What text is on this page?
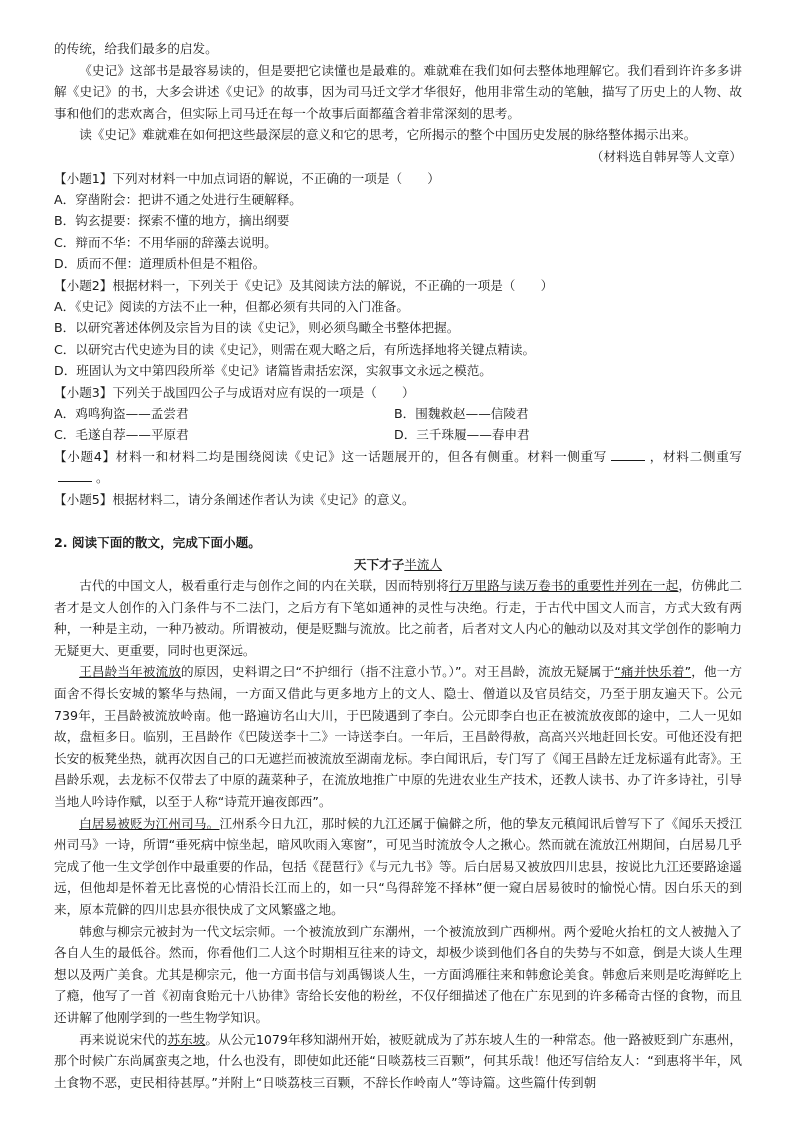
的传统，给我们最多的启发。

《史记》这部书是最容易读的，但是要把它读懂也是最难的。难就难在我们如何去整体地理解它。我们看到许许多多讲解《史记》的书，大多会讲述《史记》的故事，因为司马迁文学才华很好，他用非常生动的笔触，描写了历史上的人物、故事和他们的悲欢离合，但实际上司马迁在每一个故事后面都蕴含着非常深刻的思考。

读《史记》难就难在如何把这些最深层的意义和它的思考，它所揭示的整个中国历史发展的脉络整体揭示出来。

（材料选自韩昇等人文章）

【小题1】下列对材料一中加点词语的解说，不正确的一项是（　　）

A．穿凿附会：把讲不通之处进行生硬解释。

B．钩玄提要：探索不懂的地方，摘出纲要

C．辩而不华：不用华丽的辞藻去说明。

D．质而不俚：道理质朴但是不粗俗。

【小题2】根据材料一，下列关于《史记》及其阅读方法的解说，不正确的一项是（　　）

A．《史记》阅读的方法不止一种，但都必须有共同的入门准备。

B．以研究著述体例及宗旨为目的读《史记》，则必须鸟瞰全书整体把握。

C．以研究古代史迹为目的读《史记》，则需在观大略之后，有所选择地将关键点精读。

D．班固认为文中第四段所举《史记》诸篇皆肃括宏深，实叙事文永远之模范。

【小题3】下列关于战国四公子与成语对应有误的一项是（　　）

A．鸡鸣狗盗——孟尝君	B．围魏救赵——信陵君
C．毛遂自荐——平原君	D．三千珠履——春申君

【小题4】材料一和材料二均是围绕阅读《史记》这一话题展开的，但各有侧重。材料一侧重写	，材料二侧重写。

【小题5】根据材料二，请分条阐述作者认为读《史记》的意义。

2. 阅读下面的散文，完成下面小题。

天下才子半流人

古代的中国文人，极看重行走与创作之间的内在关联，因而特别将行万里路与读万卷书的重要性并列在一起，仿佛此二者才是文人创作的入门条件与不二法门，之后方有下笔如通神的灵性与决绝。行走，于古代中国文人而言，方式大致有两种，一种是主动，一种乃被动。所谓被动，便是贬黜与流放。比之前者，后者对文人内心的触动以及对其文学创作的影响力无疑更大、更重要，同时也更深远。

王昌龄当年被流放的原因，史料谓之曰“不护细行（指不注意小节。）”。对王昌龄，流放无疑属于“痛并快乐着”，他一方面舍不得长安城的繁华与热闹，一方面又借此与更多地方上的文人、隐士、僧道以及官员结交，乃至于朋友遍天下。公元739年，王昌龄被流放岭南。他一路遍访名山大川，于巴陵遇到了李白。公元即李白也正在被流放夜郎的途中，二人一见如故，盘桓多日。临别，王昌龄作《巴陵送李十二》一诗送李白。一年后，王昌龄得赦，高高兴兴地赶回长安。可他还没有把长安的板凳坐热，就再次因自己的口无遮拦而被流放至湖南龙标。李白闻讯后，专门写了《闻王昌龄左迁龙标遥有此寄》。王昌龄乐观，去龙标不仅带去了中原的蔬菜种子，在流放地推广中原的先进农业生产技术，还教人读书、办了许多诗社，引导当地人吟诗作赋，以至于人称“诗荒开遍夜郎西”。

白居易被贬为江州司马。江州系今日九江，那时候的九江还属于偏僻之所，他的挚友元稹闻讯后曾写下了《闻乐天授江州司马》一诗，所谓“垂死病中惊坐起，暗风吹雨入寒窗”，可见当时流放令人之揪心。然而就在流放江州期间，白居易几乎完成了他一生文学创作中最重要的作品，包括《琵琶行》《与元九书》等。后白居易又被放四川忠县，按说比九江还要路途遥远，但他却是怀着无比喜悦的心情沿长江而上的，如一只“鸟得辞笼不择林”便一窥白居易彼时的愉悦心情。因白乐天的到来，原本荒僻的四川忠县亦很快成了文风繁盛之地。

韩愈与柳宗元被封为一代文坛宗师。一个被流放到广东潮州，一个被流放到广西柳州。两个爱呛火抬杠的文人被抛入了各自人生的最低谷。然而，你看他们二人这个时期相互往来的诗文，却极少谈到他们各自的失势与不如意，倒是大谈人生理想以及两广美食。尤其是柳宗元，他一方面书信与刘禹锡谈人生，一方面鸿雁往来和韩愈论美食。韩愈后来则是吃海鲜吃上了瘾，他写了一首《初南食贻元十八协律》寄给长安他的粉丝，不仅仔细描述了他在广东见到的许多稀奇古怪的食物，而且还讲解了他刚学到的一些生物学知识。

再来说说宋代的苏东坡。从公元1079年移知湖州开始，被贬就成为了苏东坡人生的一种常态。他一路被贬到广东惠州，那个时候广东尚属蛮夷之地，什么也没有，即使如此还能“日啖荔枝三百颗”，何其乐哉！他还写信给友人：“到惠将半年，风土食物不恶，吏民相待甚厚。”并附上“日啖荔枝三百颗，不辞长作岭南人”等诗篇。这些篇什传到朝
